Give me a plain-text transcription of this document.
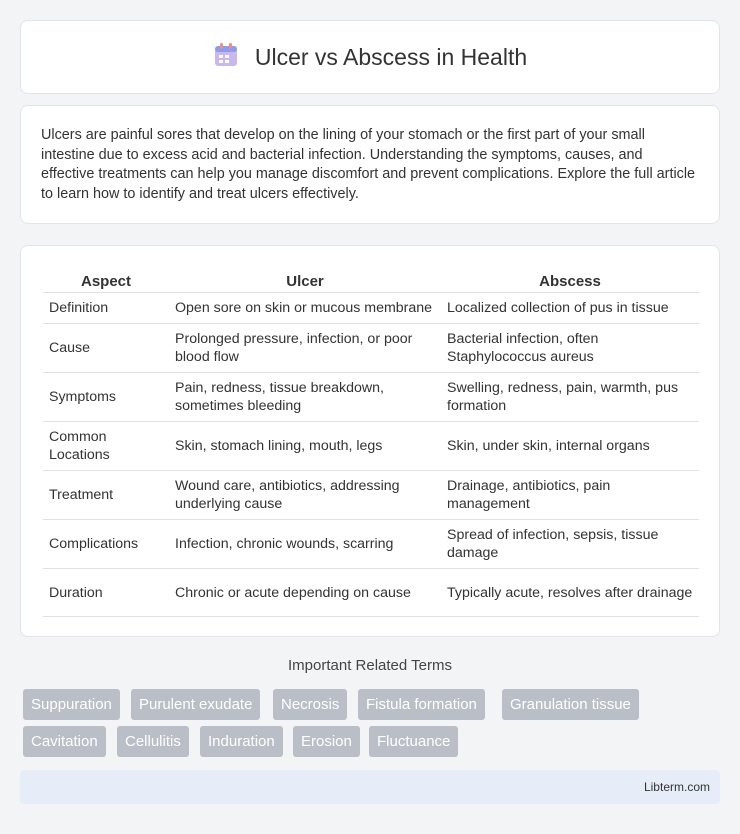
Ulcer vs Abscess in Health

Ulcers are painful sores that develop on the lining of your stomach or the first part of your small intestine due to excess acid and bacterial infection. Understanding the symptoms, causes, and effective treatments can help you manage discomfort and prevent complications. Explore the full article to learn how to identify and treat ulcers effectively.

Aspect	Ulcer	Abscess
Definition	Open sore on skin or mucous membrane	Localized collection of pus in tissue
Cause	Prolonged pressure, infection, or poor blood flow	Bacterial infection, often Staphylococcus aureus
Symptoms	Pain, redness, tissue breakdown, sometimes bleeding	Swelling, redness, pain, warmth, pus formation
Common Locations	Skin, stomach lining, mouth, legs	Skin, under skin, internal organs
Treatment	Wound care, antibiotics, addressing underlying cause	Drainage, antibiotics, pain management
Complications	Infection, chronic wounds, scarring	Spread of infection, sepsis, tissue damage
Duration	Chronic or acute depending on cause	Typically acute, resolves after drainage
Important Related Terms
Suppuration	Purulent exudate	Necrosis	Fistula formation	Granulation tissue
Cavitation	Cellulitis	Induration	Erosion	Fluctuance
Libterm.com
